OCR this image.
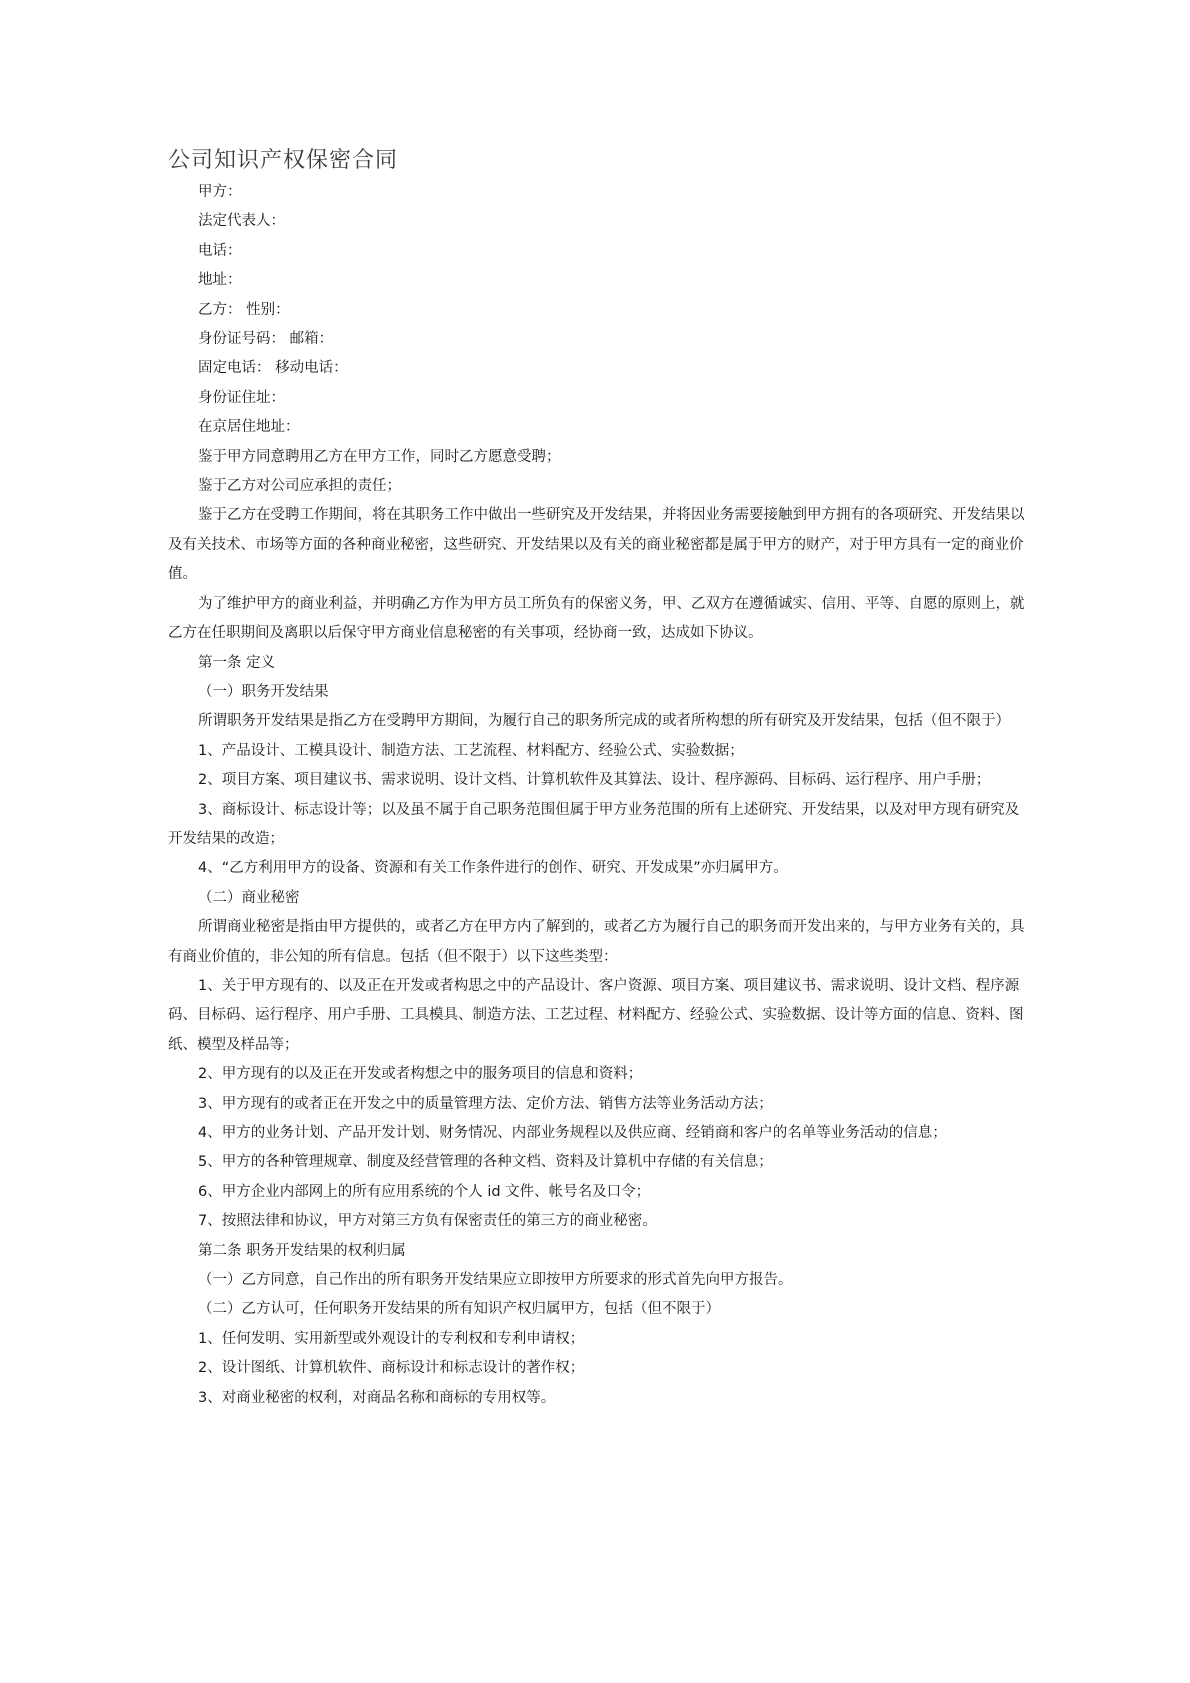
公司知识产权保密合同

甲方：

法定代表人：

电话：

地址：

乙方： 性别：

身份证号码： 邮箱：

固定电话： 移动电话：

身份证住址：

在京居住地址：

鉴于甲方同意聘用乙方在甲方工作，同时乙方愿意受聘；

鉴于乙方对公司应承担的责任；

鉴于乙方在受聘工作期间，将在其职务工作中做出一些研究及开发结果，并将因业务需要接触到甲方拥有的各项研究、开发结果以及有关技术、市场等方面的各种商业秘密，这些研究、开发结果以及有关的商业秘密都是属于甲方的财产，对于甲方具有一定的商业价值。

为了维护甲方的商业利益，并明确乙方作为甲方员工所负有的保密义务，甲、乙双方在遵循诚实、信用、平等、自愿的原则上，就乙方在任职期间及离职以后保守甲方商业信息秘密的有关事项，经协商一致，达成如下协议。

第一条 定义

（一）职务开发结果

所谓职务开发结果是指乙方在受聘甲方期间，为履行自己的职务所完成的或者所构想的所有研究及开发结果，包括（但不限于）

1、产品设计、工模具设计、制造方法、工艺流程、材料配方、经验公式、实验数据；

2、项目方案、项目建议书、需求说明、设计文档、计算机软件及其算法、设计、程序源码、目标码、运行程序、用户手册；

3、商标设计、标志设计等；以及虽不属于自己职务范围但属于甲方业务范围的所有上述研究、开发结果，以及对甲方现有研究及开发结果的改造；

4、“乙方利用甲方的设备、资源和有关工作条件进行的创作、研究、开发成果”亦归属甲方。

（二）商业秘密

所谓商业秘密是指由甲方提供的，或者乙方在甲方内了解到的，或者乙方为履行自己的职务而开发出来的，与甲方业务有关的，具有商业价值的，非公知的所有信息。包括（但不限于）以下这些类型：

1、关于甲方现有的、以及正在开发或者构思之中的产品设计、客户资源、项目方案、项目建议书、需求说明、设计文档、程序源码、目标码、运行程序、用户手册、工具模具、制造方法、工艺过程、材料配方、经验公式、实验数据、设计等方面的信息、资料、图纸、模型及样品等；

2、甲方现有的以及正在开发或者构想之中的服务项目的信息和资料；

3、甲方现有的或者正在开发之中的质量管理方法、定价方法、销售方法等业务活动方法；

4、甲方的业务计划、产品开发计划、财务情况、内部业务规程以及供应商、经销商和客户的名单等业务活动的信息；

5、甲方的各种管理规章、制度及经营管理的各种文档、资料及计算机中存储的有关信息；

6、甲方企业内部网上的所有应用系统的个人 id 文件、帐号名及口令；

7、按照法律和协议，甲方对第三方负有保密责任的第三方的商业秘密。

第二条 职务开发结果的权利归属

（一）乙方同意，自己作出的所有职务开发结果应立即按甲方所要求的形式首先向甲方报告。

（二）乙方认可，任何职务开发结果的所有知识产权归属甲方，包括（但不限于）

1、任何发明、实用新型或外观设计的专利权和专利申请权；

2、设计图纸、计算机软件、商标设计和标志设计的著作权；

3、对商业秘密的权利，对商品名称和商标的专用权等。
